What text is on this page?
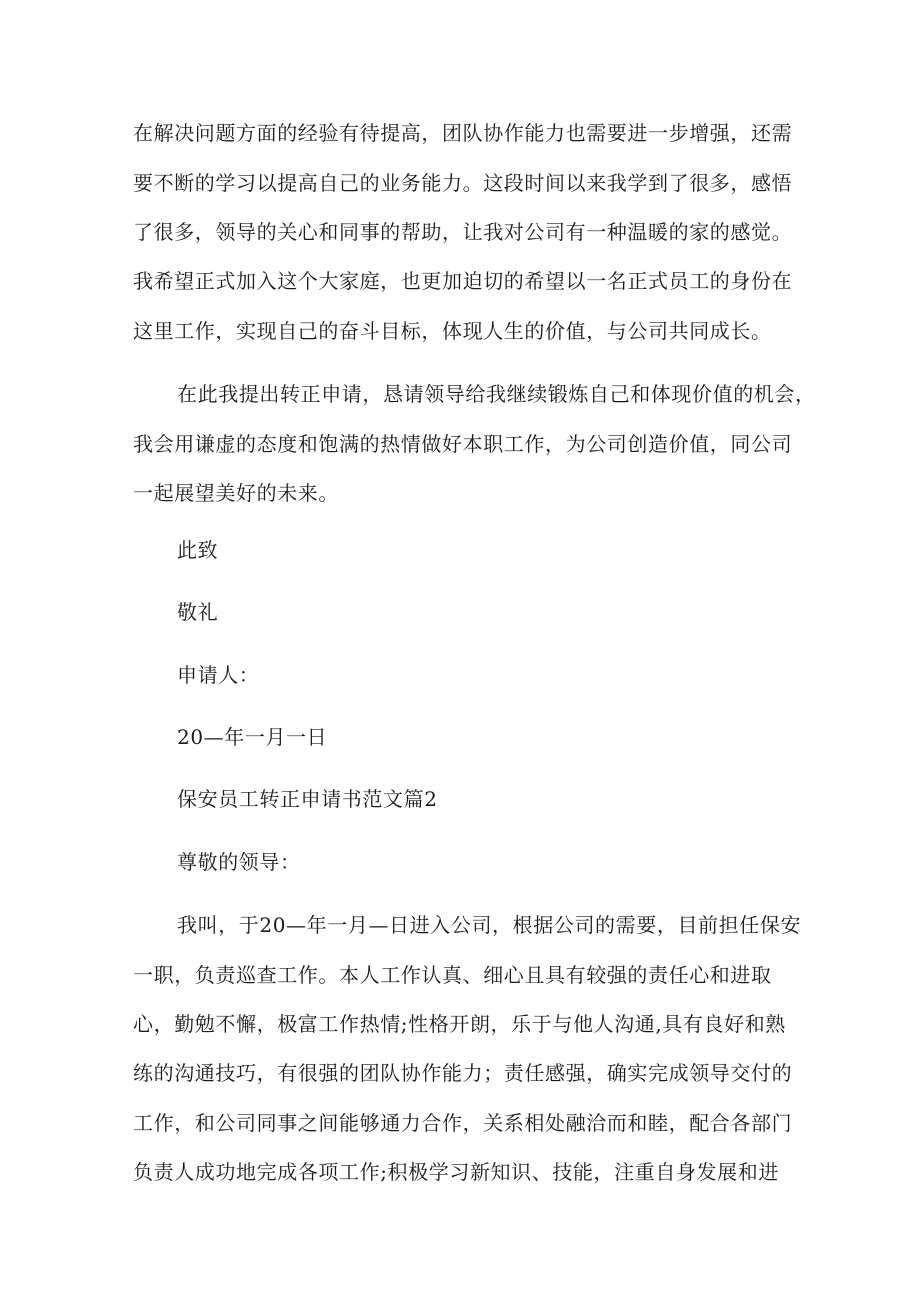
在解决问题方面的经验有待提高，团队协作能力也需要进一步增强，还需
要不断的学习以提高自己的业务能力。这段时间以来我学到了很多，感悟
了很多，领导的关心和同事的帮助，让我对公司有一种温暖的家的感觉。
我希望正式加入这个大家庭，也更加迫切的希望以一名正式员工的身份在
这里工作，实现自己的奋斗目标，体现人生的价值，与公司共同成长。
在此我提出转正申请，恳请领导给我继续锻炼自己和体现价值的机会，
我会用谦虚的态度和饱满的热情做好本职工作，为公司创造价值，同公司
一起展望美好的未来。
此致
敬礼
申请人：
20—年一月一日
保安员工转正申请书范文篇2
尊敬的领导：
我叫，于20—年一月—日进入公司，根据公司的需要，目前担任保安
一职，负责巡查工作。本人工作认真、细心且具有较强的责任心和进取
心，勤勉不懈，极富工作热情;性格开朗，乐于与他人沟通,具有良好和熟
练的沟通技巧，有很强的团队协作能力；责任感强，确实完成领导交付的
工作，和公司同事之间能够通力合作，关系相处融洽而和睦，配合各部门
负责人成功地完成各项工作;积极学习新知识、技能，注重自身发展和进
